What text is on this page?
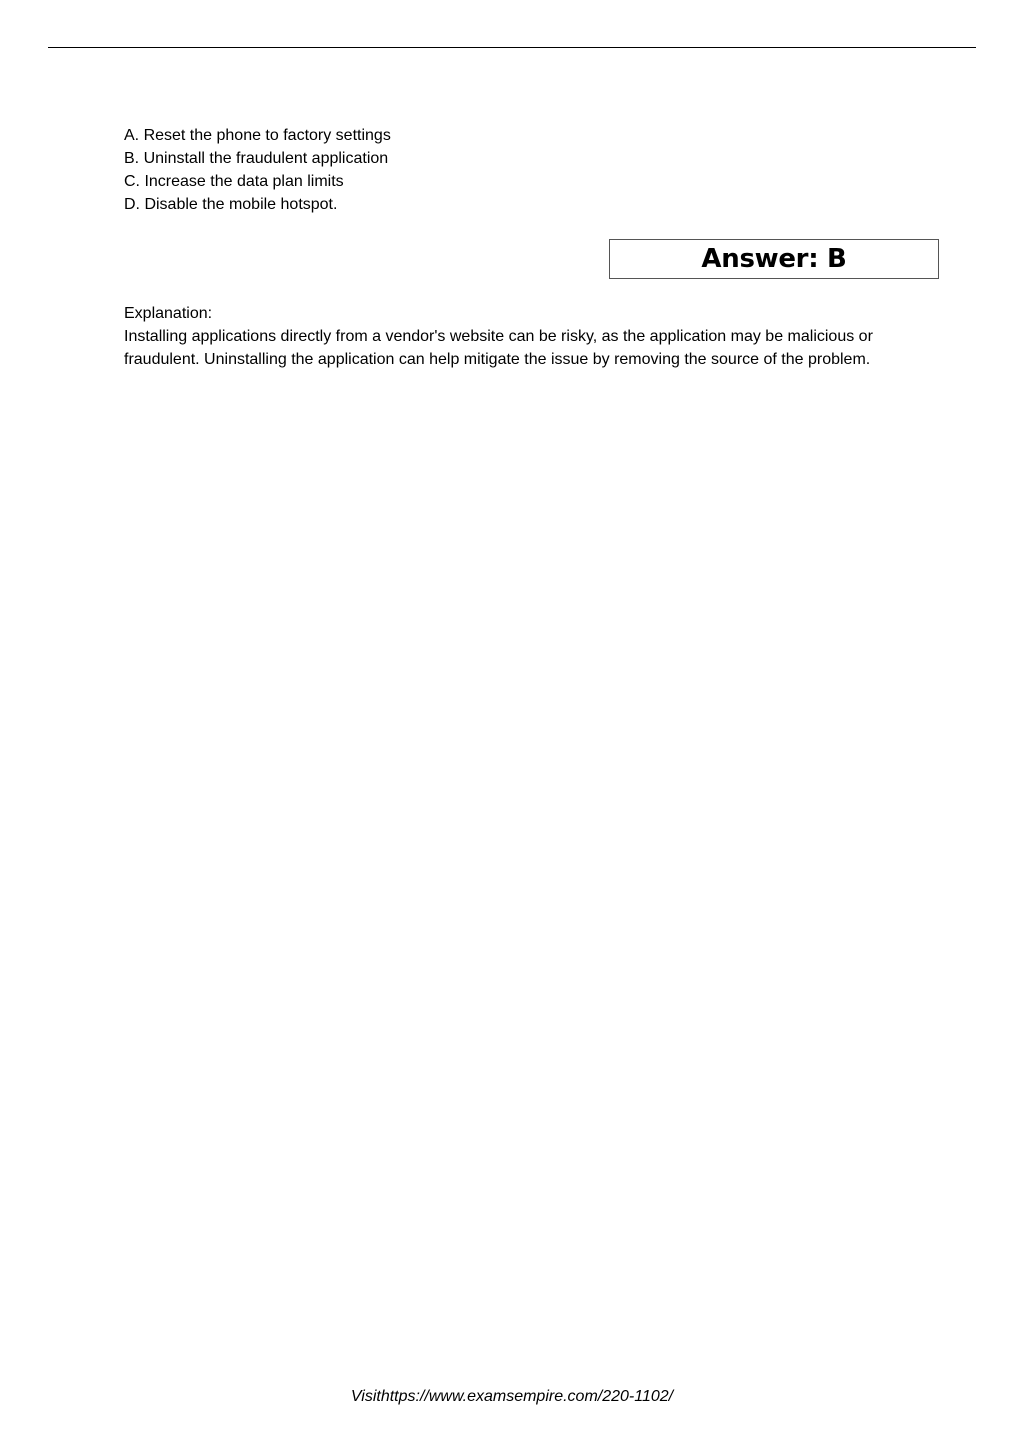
A. Reset the phone to factory settings
B. Uninstall the fraudulent application
C. Increase the data plan limits
D. Disable the mobile hotspot.
Answer: B

Explanation:

Installing applications directly from a vendor's website can be risky, as the application may be malicious or fraudulent. Uninstalling the application can help mitigate the issue by removing the source of the problem.

Visithttps://www.examsempire.com/220-1102/
